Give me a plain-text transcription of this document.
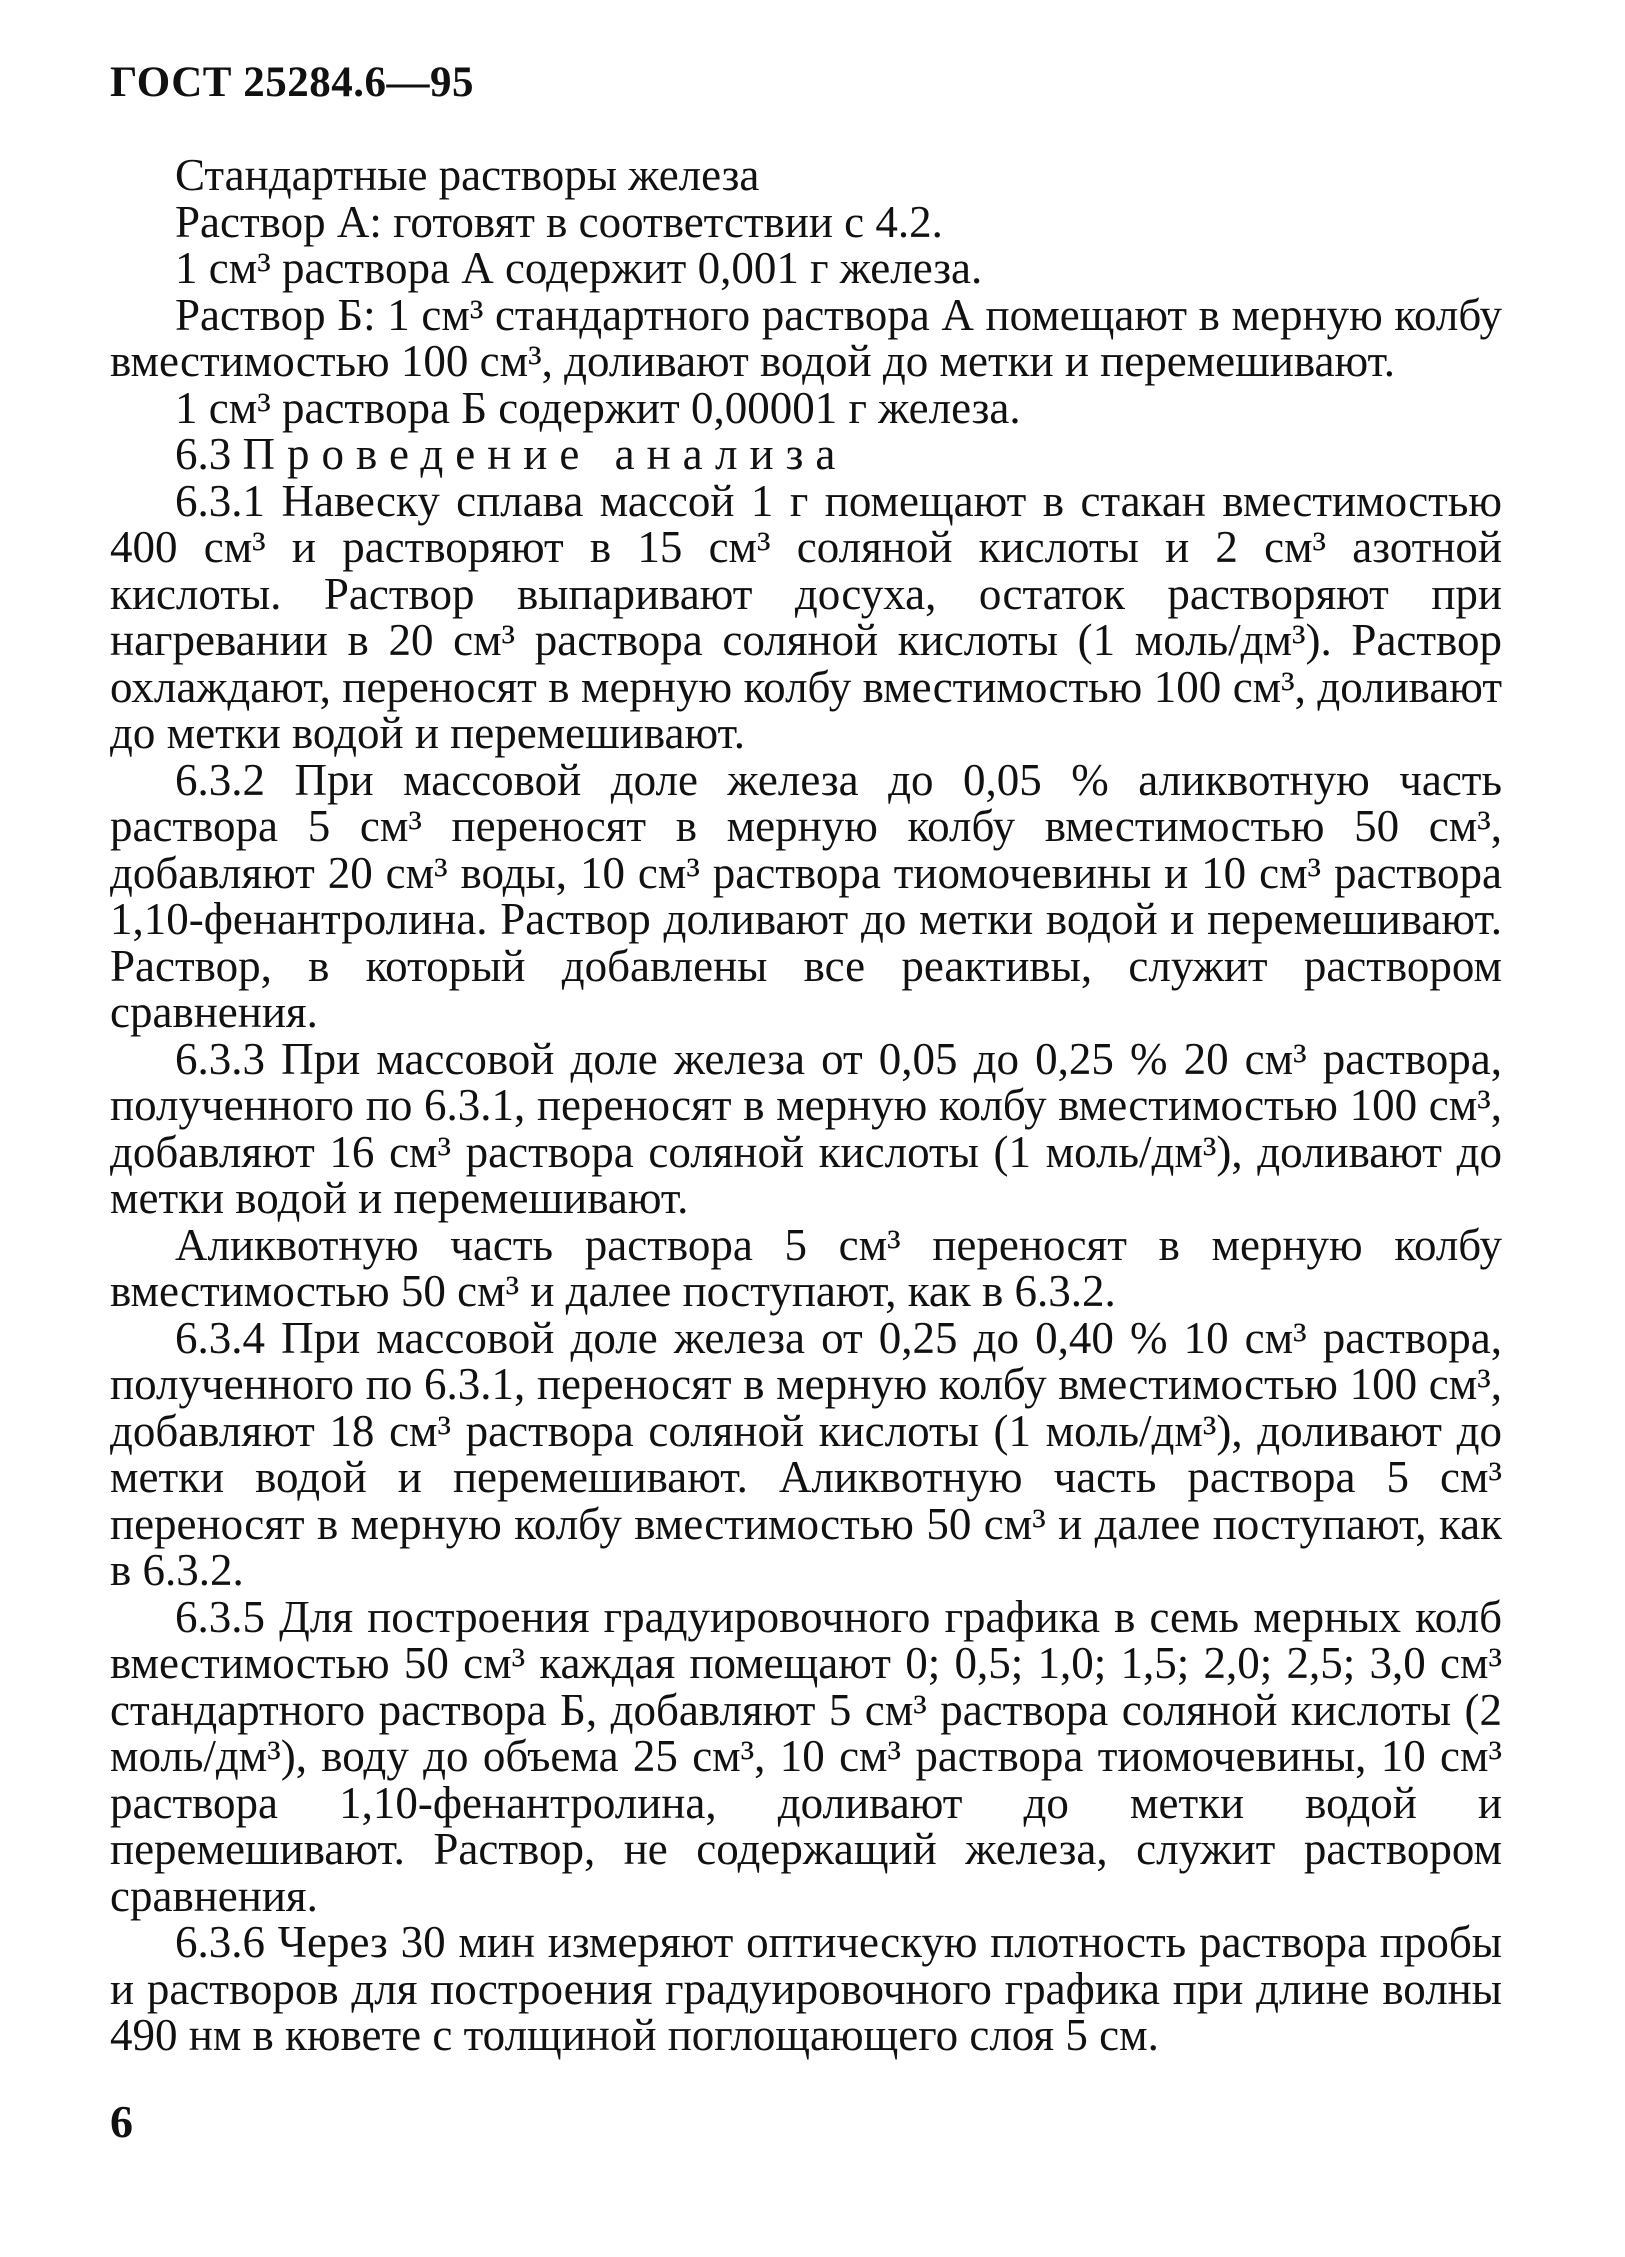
ГОСТ 25284.6—95

Стандартные растворы железа

Раствор А: готовят в соответствии с 4.2.

1 см³ раствора А содержит 0,001 г железа.

Раствор Б: 1 см³ стандартного раствора А помещают в мерную колбу вместимостью 100 см³, доливают водой до метки и перемешивают.

1 см³ раствора Б содержит 0,00001 г железа.

6.3 Проведение анализа

6.3.1 Навеску сплава массой 1 г помещают в стакан вместимостью 400 см³ и растворяют в 15 см³ соляной кислоты и 2 см³ азотной кислоты. Раствор выпаривают досуха, остаток растворяют при нагревании в 20 см³ раствора соляной кислоты (1 моль/дм³). Раствор охлаждают, переносят в мерную колбу вместимостью 100 см³, доливают до метки водой и перемешивают.

6.3.2 При массовой доле железа до 0,05 % аликвотную часть раствора 5 см³ переносят в мерную колбу вместимостью 50 см³, добавляют 20 см³ воды, 10 см³ раствора тиомочевины и 10 см³ раствора 1,10-фенантролина. Раствор доливают до метки водой и перемешивают. Раствор, в который добавлены все реактивы, служит раствором сравнения.

6.3.3 При массовой доле железа от 0,05 до 0,25 % 20 см³ раствора, полученного по 6.3.1, переносят в мерную колбу вместимостью 100 см³, добавляют 16 см³ раствора соляной кислоты (1 моль/дм³), доливают до метки водой и перемешивают.

Аликвотную часть раствора 5 см³ переносят в мерную колбу вместимостью 50 см³ и далее поступают, как в 6.3.2.

6.3.4 При массовой доле железа от 0,25 до 0,40 % 10 см³ раствора, полученного по 6.3.1, переносят в мерную колбу вместимостью 100 см³, добавляют 18 см³ раствора соляной кислоты (1 моль/дм³), доливают до метки водой и перемешивают. Аликвотную часть раствора 5 см³ переносят в мерную колбу вместимостью 50 см³ и далее поступают, как в 6.3.2.

6.3.5 Для построения градуировочного графика в семь мерных колб вместимостью 50 см³ каждая помещают 0; 0,5; 1,0; 1,5; 2,0; 2,5; 3,0 см³ стандартного раствора Б, добавляют 5 см³ раствора соляной кислоты (2 моль/дм³), воду до объема 25 см³, 10 см³ раствора тиомочевины, 10 см³ раствора 1,10-фенантролина, доливают до метки водой и перемешивают. Раствор, не содержащий железа, служит раствором сравнения.

6.3.6 Через 30 мин измеряют оптическую плотность раствора пробы и растворов для построения градуировочного графика при длине волны 490 нм в кювете с толщиной поглощающего слоя 5 см.

6
